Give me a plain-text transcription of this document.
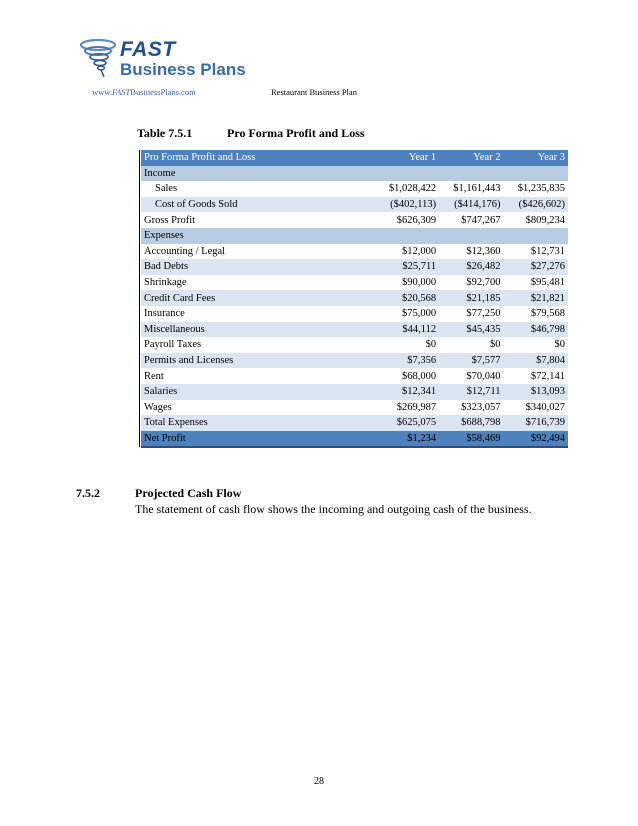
FAST
Business Plans
www.FASTBusinessPlans.com	Restaurant Business Plan
Table 7.5.1	Pro Forma Profit and Loss
Pro Forma Profit and Loss	Year 1	Year 2	Year 3
Income			
Sales	$1,028,422	$1,161,443	$1,235,835
Cost of Goods Sold	($402,113)	($414,176)	($426,602)
Gross Profit	$626,309	$747,267	$809,234
Expenses			
Accounting / Legal	$12,000	$12,360	$12,731
Bad Debts	$25,711	$26,482	$27,276
Shrinkage	$90,000	$92,700	$95,481
Credit Card Fees	$20,568	$21,185	$21,821
Insurance	$75,000	$77,250	$79,568
Miscellaneous	$44,112	$45,435	$46,798
Payroll Taxes	$0	$0	$0
Permits and Licenses	$7,356	$7,577	$7,804
Rent	$68,000	$70,040	$72,141
Salaries	$12,341	$12,711	$13,093
Wages	$269,987	$323,057	$340,027
Total Expenses	$625,075	$688,798	$716,739
Net Profit	$1,234	$58,469	$92,494
7.5.2	Projected Cash Flow
The statement of cash flow shows the incoming and outgoing cash of the business.
28
